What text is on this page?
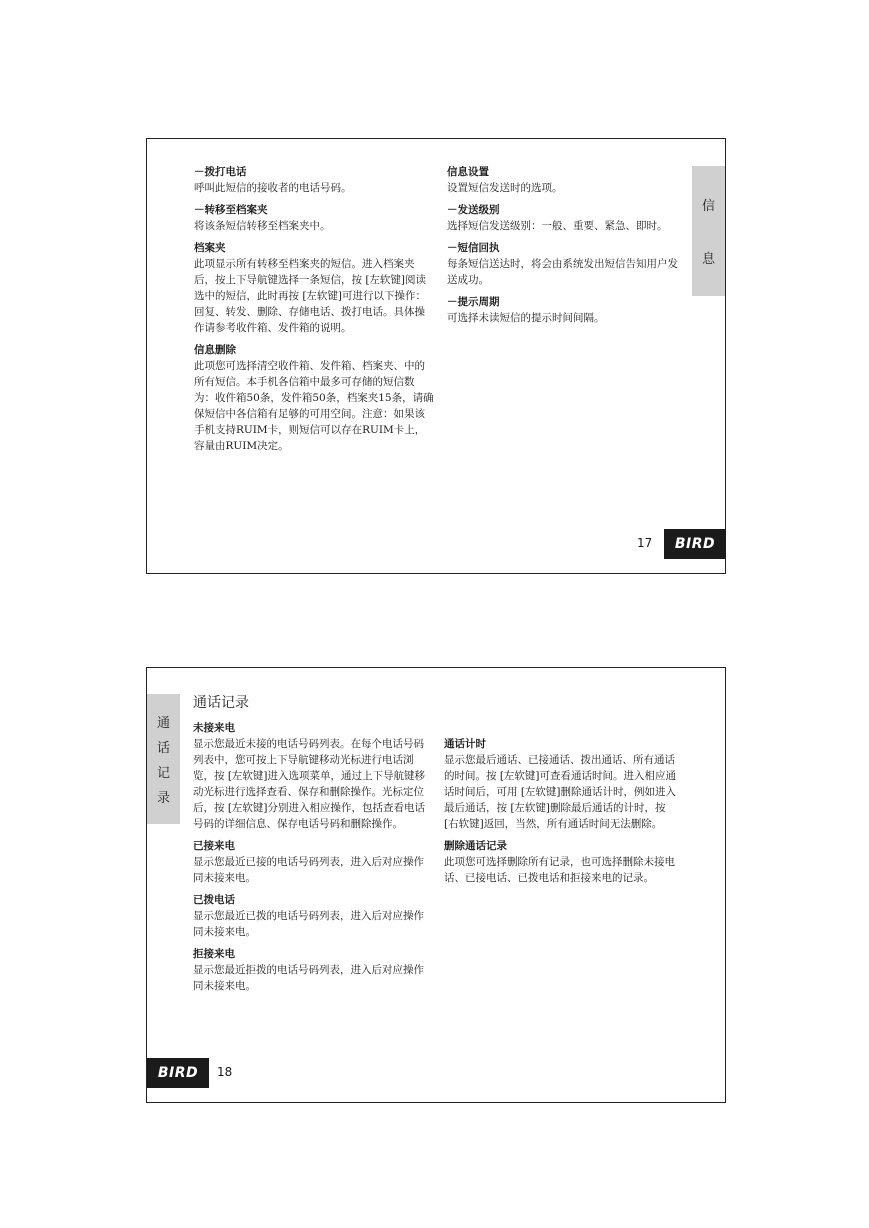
－拨打电话

呼叫此短信的接收者的电话号码。

－转移至档案夹

将该条短信转移至档案夹中。

档案夹

此项显示所有转移至档案夹的短信。进入档案夹后，按上下导航键选择一条短信，按 [左软键]阅读选中的短信，此时再按 [左软键]可进行以下操作：回复、转发、删除、存储电话、拨打电话。具体操作请参考收件箱、发件箱的说明。

信息删除

此项您可选择清空收件箱、发件箱、档案夹、中的所有短信。本手机各信箱中最多可存储的短信数为：收件箱50条，发件箱50条，档案夹15条，请确保短信中各信箱有足够的可用空间。注意：如果该手机支持RUIM卡，则短信可以存在RUIM卡上，容量由RUIM决定。

信息设置

设置短信发送时的选项。

－发送级别

选择短信发送级别：一般、重要、紧急、即时。

－短信回执

每条短信送达时，将会由系统发出短信告知用户发送成功。

－提示周期

可选择未读短信的提示时间间隔。

信
息
17	BIRD
通
话
记
录
通话记录

未接来电

显示您最近未接的电话号码列表。在每个电话号码列表中，您可按上下导航键移动光标进行电话浏览，按 [左软键]进入选项菜单，通过上下导航键移动光标进行选择查看、保存和删除操作。光标定位后，按 [左软键]分别进入相应操作，包括查看电话号码的详细信息、保存电话号码和删除操作。

已接来电

显示您最近已接的电话号码列表，进入后对应操作同未接来电。

已拨电话

显示您最近已拨的电话号码列表，进入后对应操作同未接来电。

拒接来电

显示您最近拒拨的电话号码列表，进入后对应操作同未接来电。

通话计时

显示您最后通话、已接通话、拨出通话、所有通话的时间。按 [左软键]可查看通话时间。进入相应通话时间后，可用 [左软键]删除通话计时，例如进入最后通话，按 [左软键]删除最后通话的计时，按 [右软键]返回，当然，所有通话时间无法删除。

删除通话记录

此项您可选择删除所有记录，也可选择删除未接电话、已接电话、已拨电话和拒接来电的记录。

BIRD	18
